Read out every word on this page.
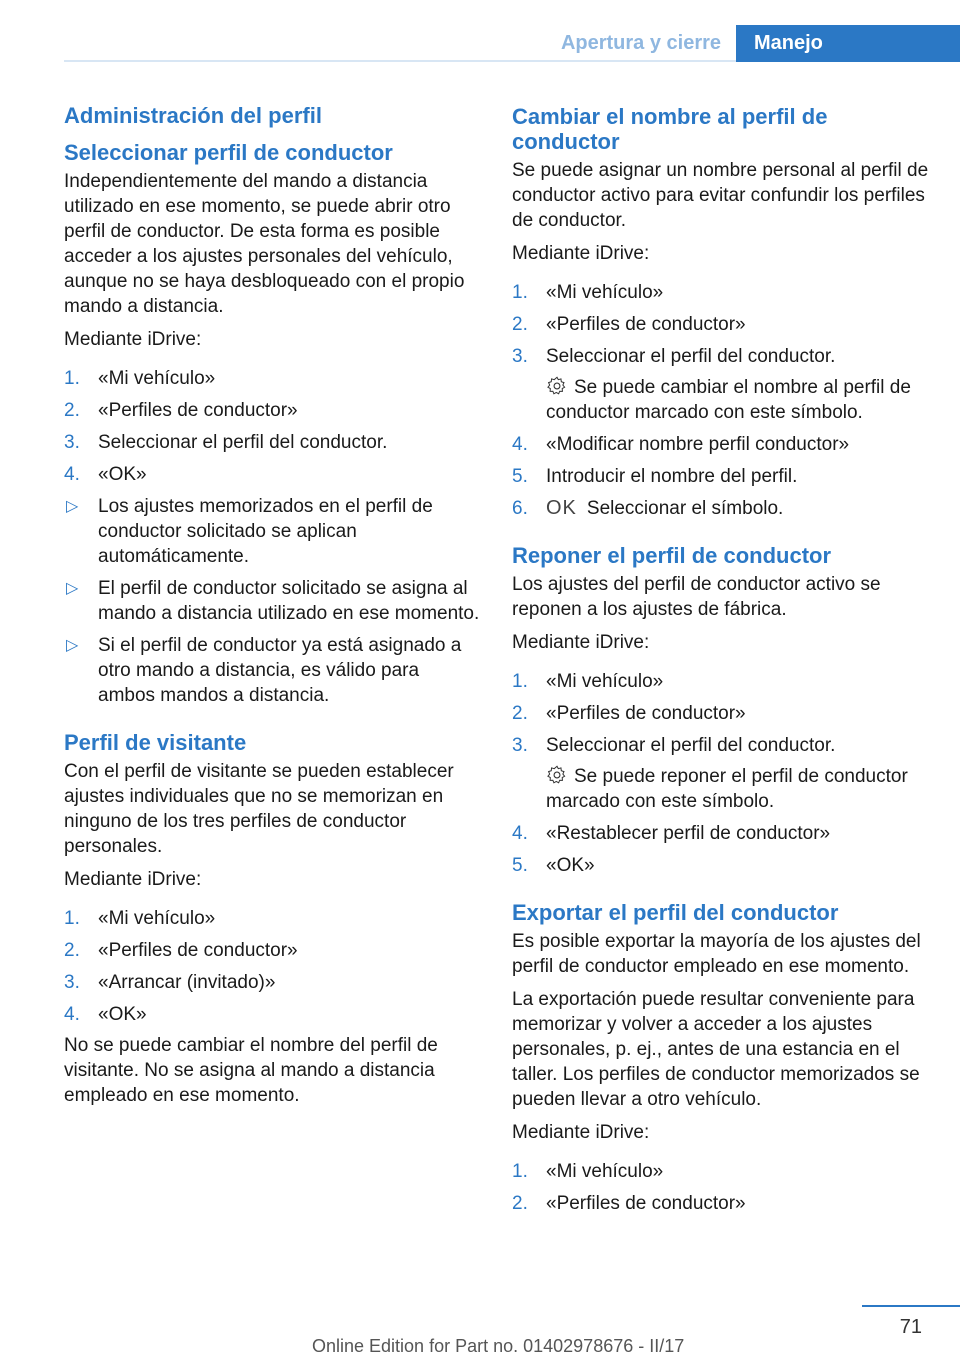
Apertura y cierre	Manejo
Administración del perfil
Seleccionar perfil de conductor

Independientemente del mando a distancia utilizado en ese momento, se puede abrir otro perfil de conductor. De esta forma es posible acceder a los ajustes personales del vehículo, aunque no se haya desbloqueado con el propio mando a distancia.

Mediante iDrive:

1. «Mi vehículo»
2. «Perfiles de conductor»
3. Seleccionar el perfil del conductor.
4. «OK»
▷ Los ajustes memorizados en el perfil de conductor solicitado se aplican automáticamente.
▷ El perfil de conductor solicitado se asigna al mando a distancia utilizado en ese momento.
▷ Si el perfil de conductor ya está asignado a otro mando a distancia, es válido para ambos mandos a distancia.
Perfil de visitante

Con el perfil de visitante se pueden establecer ajustes individuales que no se memorizan en ninguno de los tres perfiles de conductor personales.

Mediante iDrive:

1. «Mi vehículo»
2. «Perfiles de conductor»
3. «Arrancar (invitado)»
4. «OK»

No se puede cambiar el nombre del perfil de visitante. No se asigna al mando a distancia empleado en ese momento.

Cambiar el nombre al perfil de conductor

Se puede asignar un nombre personal al perfil de conductor activo para evitar confundir los perfiles de conductor.

Mediante iDrive:

1. «Mi vehículo»
2. «Perfiles de conductor»
3. Seleccionar el perfil del conductor.
Se puede cambiar el nombre al perfil de conductor marcado con este símbolo.
4. «Modificar nombre perfil conductor»
5. Introducir el nombre del perfil.
6. OK Seleccionar el símbolo.
Reponer el perfil de conductor

Los ajustes del perfil de conductor activo se reponen a los ajustes de fábrica.

Mediante iDrive:

1. «Mi vehículo»
2. «Perfiles de conductor»
3. Seleccionar el perfil del conductor.
Se puede reponer el perfil de conductor marcado con este símbolo.
4. «Restablecer perfil de conductor»
5. «OK»
Exportar el perfil del conductor

Es posible exportar la mayoría de los ajustes del perfil de conductor empleado en ese momento.

La exportación puede resultar conveniente para memorizar y volver a acceder a los ajustes personales, p. ej., antes de una estancia en el taller. Los perfiles de conductor memorizados se pueden llevar a otro vehículo.

Mediante iDrive:

1. «Mi vehículo»
2. «Perfiles de conductor»
71
Online Edition for Part no. 01402978676 - II/17
